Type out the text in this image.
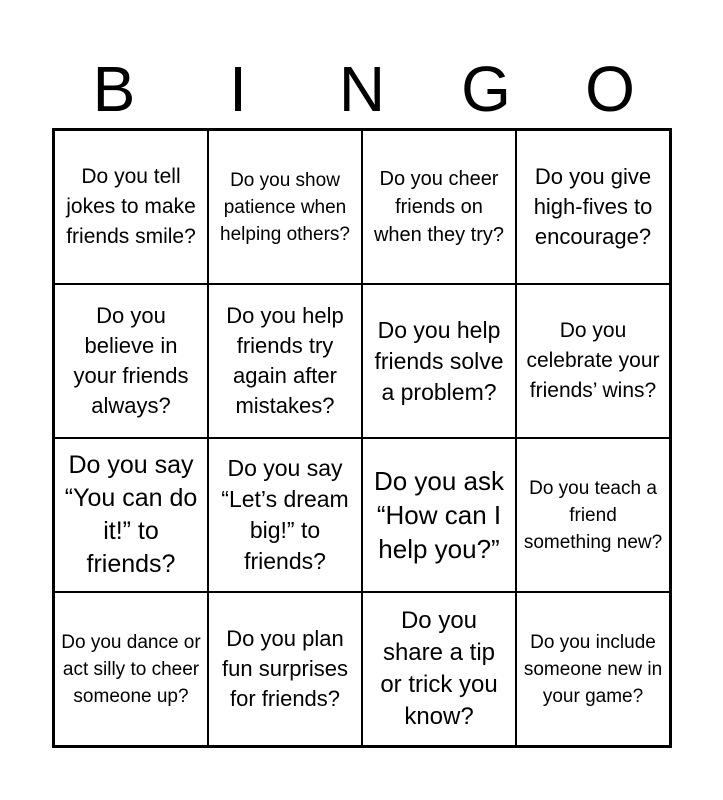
B	I	N	G	O
Do you tell jokes to make friends smile?
Do you show patience when helping others?
Do you cheer friends on when they try?
Do you give high-fives to encourage?
Do you believe in your friends always?
Do you help friends try again after mistakes?
Do you help friends solve a problem?
Do you celebrate your friends’ wins?
Do you say “You can do it!” to friends?
Do you say “Let’s dream big!” to friends?
Do you ask “How can I help you?”
Do you teach a friend something new?
Do you dance or act silly to cheer someone up?
Do you plan fun surprises for friends?
Do you share a tip or trick you know?
Do you include someone new in your game?
